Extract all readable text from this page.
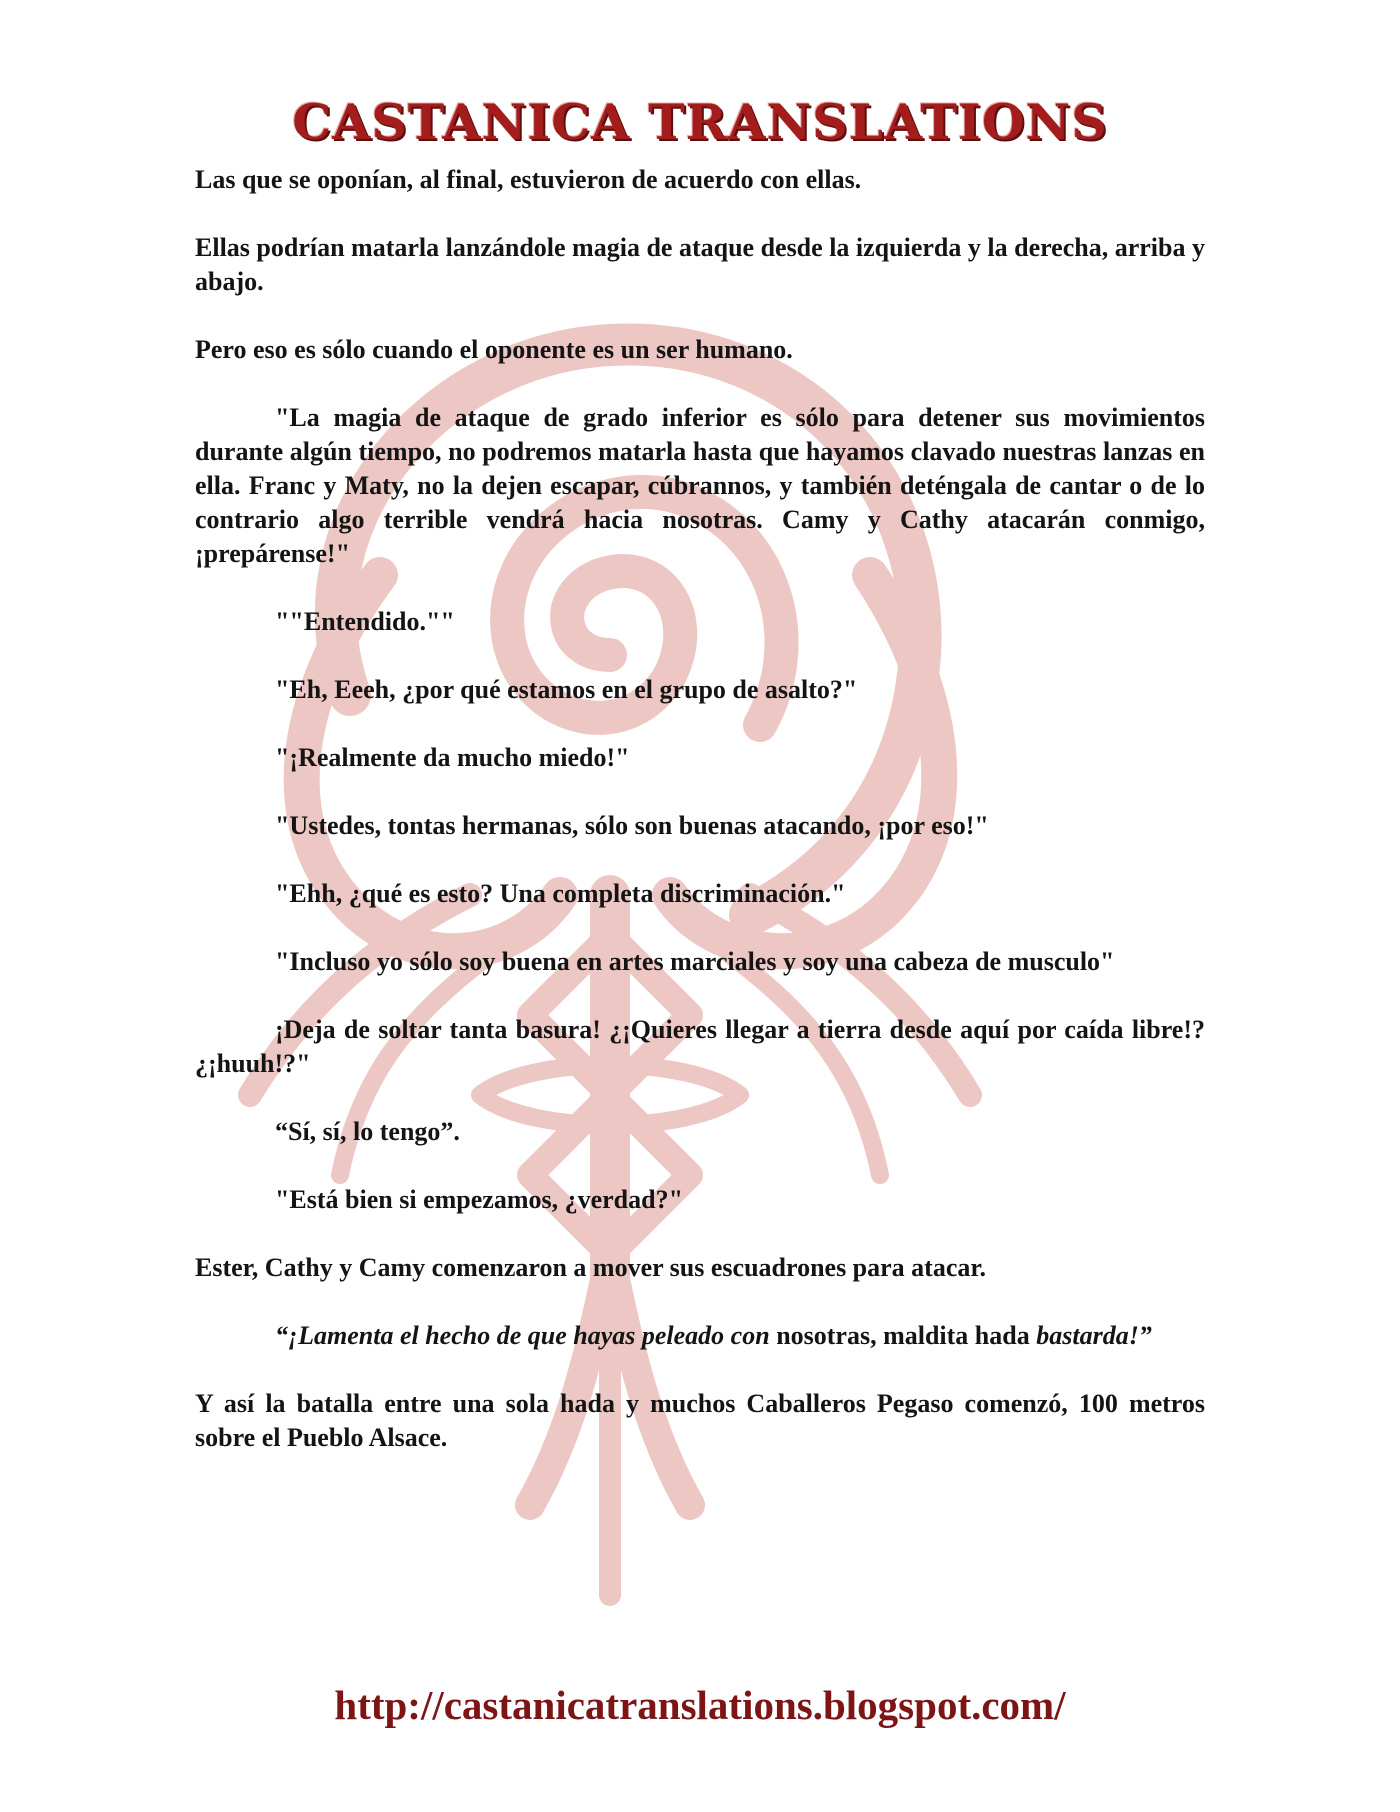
CASTANICA TRANSLATIONS

Las que se oponían, al final, estuvieron de acuerdo con ellas.

Ellas podrían matarla lanzándole magia de ataque desde la izquierda y la derecha, arriba y abajo.

Pero eso es sólo cuando el oponente es un ser humano.

"La magia de ataque de grado inferior es sólo para detener sus movimientos durante algún tiempo, no podremos matarla hasta que hayamos clavado nuestras lanzas en ella. Franc y Maty, no la dejen escapar, cúbrannos, y también deténgala de cantar o de lo contrario algo terrible vendrá hacia nosotras. Camy y Cathy atacarán conmigo, ¡prepárense!"

""Entendido.""

"Eh, Eeeh, ¿por qué estamos en el grupo de asalto?"

"¡Realmente da mucho miedo!"

"Ustedes, tontas hermanas, sólo son buenas atacando, ¡por eso!"

"Ehh, ¿qué es esto? Una completa discriminación."

"Incluso yo sólo soy buena en artes marciales y soy una cabeza de musculo"

¡Deja de soltar tanta basura! ¿¡Quieres llegar a tierra desde aquí por caída libre!? ¿¡huuh!?"

“Sí, sí, lo tengo”.

"Está bien si empezamos, ¿verdad?"

Ester, Cathy y Camy comenzaron a mover sus escuadrones para atacar.

“¡Lamenta el hecho de que hayas peleado con nosotras, maldita hada bastarda!”

Y así la batalla entre una sola hada y muchos Caballeros Pegaso comenzó, 100 metros sobre el Pueblo Alsace.

http://castanicatranslations.blogspot.com/
